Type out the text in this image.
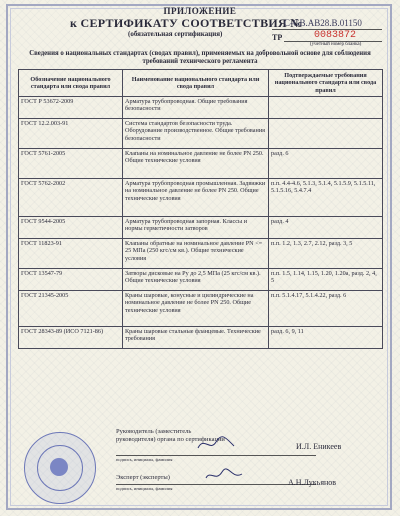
ПРИЛОЖЕНИЕ
к СЕРТИФИКАТУ СООТВЕТСТВИЯ №
C-GB.AB28.B.01150
(обязательная сертификация)	ТР	0083872
(учетный номер бланка)
Сведения о национальных стандартах (сводах правил), применяемых на добровольной основе для соблюдения требований технического регламента
Обозначение национального стандарта или свода правил	Наименование национального стандарта или свода правил	Подтверждаемые требования национального стандарта или свода правил
ГОСТ Р 53672-2009	Арматура трубопроводная. Общие требования безопасности	
ГОСТ 12.2.003-91	Система стандартов безопасности труда. Оборудование производственное. Общие требования безопасности	
ГОСТ 5761-2005	Клапаны на номинальное давление не более PN 250. Общие технические условия	разд. 6
ГОСТ 5762-2002	Арматура трубопроводная промышленная. Задвижки на номинальное давление не более PN 250. Общие технические условия	п.п. 4.4-4.6, 5.1.3, 5.1.4, 5.1.5.9, 5.1.5.11, 5.1.5.16, 5.4.7.4
ГОСТ 9544-2005	Арматура трубопроводная запорная. Классы и нормы герметичности затворов	разд. 4
ГОСТ 11823-91	Клапаны обратные на номинальное давление PN <= 25 МПа (250 кгс/см кв.). Общие технические условия	п.п. 1.2, 1.3, 2.7, 2.12, разд. 3, 5
ГОСТ 13547-79	Затворы дисковые на Ру до 2,5 МПа (25 кгс/см кв.). Общие технические условия	п.п. 1.5, 1.14, 1.15, 1.20, 1.20а, разд. 2, 4, 5
ГОСТ 21345-2005	Краны шаровые, конусные и цилиндрические на номинальное давление не более PN 250. Общие технические условия	п.п. 5.1.4.17, 5.1.4.22, разд. 6
ГОСТ 28343-89 (ИСО 7121-86)	Краны шаровые стальные фланцевые. Технические требования	разд. 6, 9, 11
Руководитель (заместитель руководителя) органа по сертификации
подпись, инициалы, фамилия
И.Л. Еникеев
Эксперт (эксперты)
подпись, инициалы, фамилия
А.Н.Лукьянов
